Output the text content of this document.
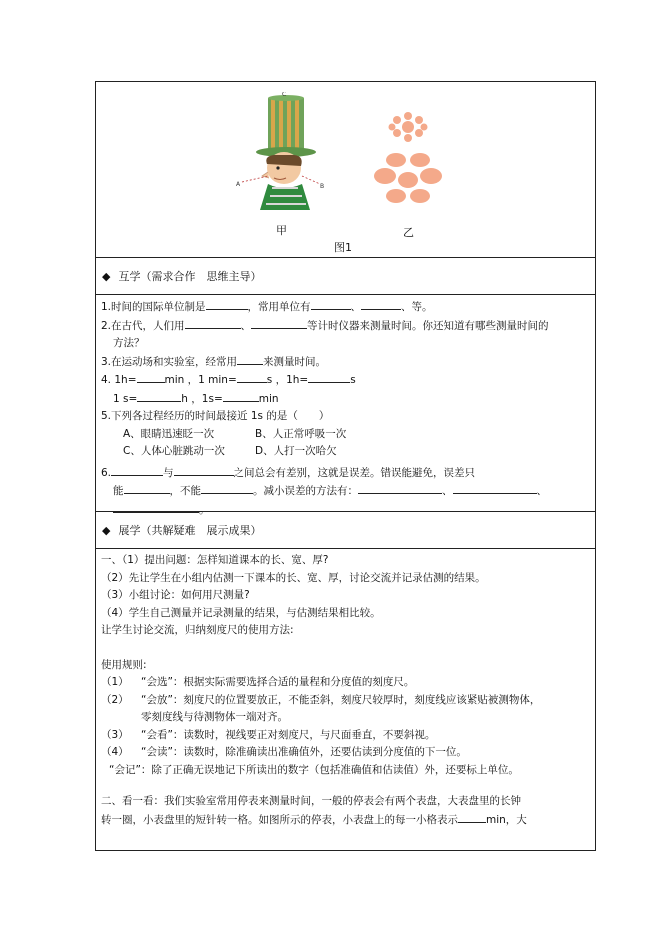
C
A	B
甲	乙
图1
◆ 互学（需求合作　思维主导）
1.时间的国际单位制是	，常用单位有	、	、等。
2.在古代，人们用	、	等计时仪器来测量时间。你还知道有哪些测量时间的
方法？
3.在运动场和实验室，经常用 来测量时间。
4. 1h=	min ，1 min=	s ，1h=	s
1 s=	h ，1s=	min
5.下列各过程经历的时间最接近 1s 的是（　　）
A、眼睛迅速眨一次	B、人正常呼吸一次
C、人体心脏跳动一次	D、人打一次哈欠
6.	与	之间总会有差别，这就是误差。错误能避免，误差只
能	，不能	。减小误差的方法有：	、	、
。
◆ 展学（共解疑难　展示成果）
一、（1）提出问题：怎样知道课本的长、宽、厚?
（2）先让学生在小组内估测一下课本的长、宽、厚，讨论交流并记录估测的结果。
（3）小组讨论：如何用尺测量?
（4）学生自己测量并记录测量的结果，与估测结果相比较。
让学生讨论交流，归纳刻度尺的使用方法:
使用规则:
（1） “会选”：根据实际需要选择合适的量程和分度值的刻度尺。
（2） “会放”：刻度尺的位置要放正，不能歪斜，刻度尺较厚时，刻度线应该紧贴被测物体，
零刻度线与待测物体一端对齐。
（3） “会看”：读数时，视线要正对刻度尺，与尺面垂直，不要斜视。
（4） “会读”：读数时，除准确读出准确值外，还要估读到分度值的下一位。
“会记”：除了正确无误地记下所读出的数字（包括准确值和估读值）外，还要标上单位。
二、看一看：我们实验室常用停表来测量时间，一般的停表会有两个表盘，大表盘里的长钟
转一圈，小表盘里的短针转一格。如图所示的停表，小表盘上的每一小格表示	min，大
